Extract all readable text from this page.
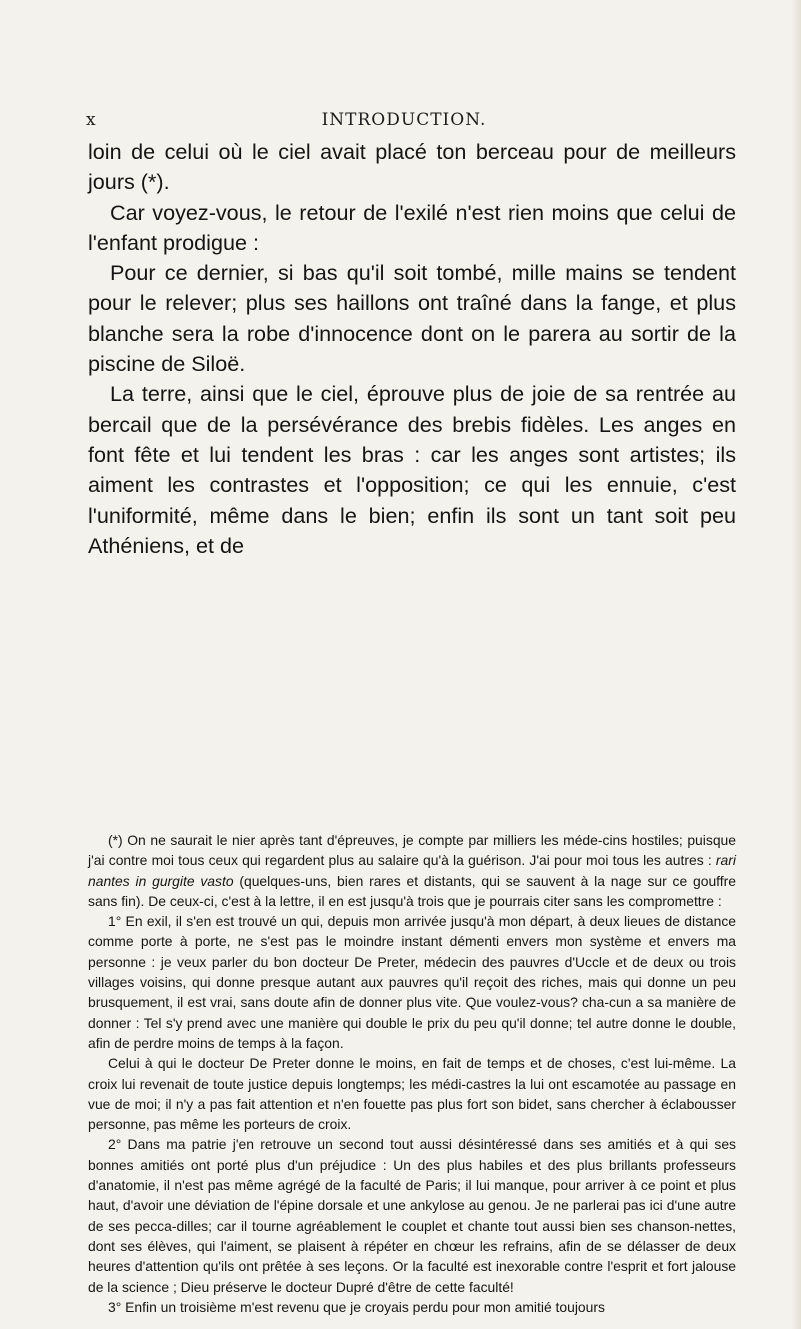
x	INTRODUCTION.

loin de celui où le ciel avait placé ton berceau pour de meilleurs jours (*).

Car voyez-vous, le retour de l'exilé n'est rien moins que celui de l'enfant prodigue :

Pour ce dernier, si bas qu'il soit tombé, mille mains se tendent pour le relever; plus ses haillons ont traîné dans la fange, et plus blanche sera la robe d'innocence dont on le parera au sortir de la piscine de Siloë.

La terre, ainsi que le ciel, éprouve plus de joie de sa rentrée au bercail que de la persévérance des brebis fidèles. Les anges en font fête et lui tendent les bras : car les anges sont artistes; ils aiment les contrastes et l'opposition; ce qui les ennuie, c'est l'uniformité, même dans le bien; enfin ils sont un tant soit peu Athéniens, et de

(*) On ne saurait le nier après tant d'épreuves, je compte par milliers les méde-cins hostiles; puisque j'ai contre moi tous ceux qui regardent plus au salaire qu'à la guérison. J'ai pour moi tous les autres : rari nantes in gurgite vasto (quelques-uns, bien rares et distants, qui se sauvent à la nage sur ce gouffre sans fin). De ceux-ci, c'est à la lettre, il en est jusqu'à trois que je pourrais citer sans les compromettre :

1° En exil, il s'en est trouvé un qui, depuis mon arrivée jusqu'à mon départ, à deux lieues de distance comme porte à porte, ne s'est pas le moindre instant démenti envers mon système et envers ma personne : je veux parler du bon docteur De Preter, médecin des pauvres d'Uccle et de deux ou trois villages voisins, qui donne presque autant aux pauvres qu'il reçoit des riches, mais qui donne un peu brusquement, il est vrai, sans doute afin de donner plus vite. Que voulez-vous? cha-cun a sa manière de donner : Tel s'y prend avec une manière qui double le prix du peu qu'il donne; tel autre donne le double, afin de perdre moins de temps à la façon.

Celui à qui le docteur De Preter donne le moins, en fait de temps et de choses, c'est lui-même. La croix lui revenait de toute justice depuis longtemps; les médi-castres la lui ont escamotée au passage en vue de moi; il n'y a pas fait attention et n'en fouette pas plus fort son bidet, sans chercher à éclabousser personne, pas même les porteurs de croix.

2° Dans ma patrie j'en retrouve un second tout aussi désintéressé dans ses amitiés et à qui ses bonnes amitiés ont porté plus d'un préjudice : Un des plus habiles et des plus brillants professeurs d'anatomie, il n'est pas même agrégé de la faculté de Paris; il lui manque, pour arriver à ce point et plus haut, d'avoir une déviation de l'épine dorsale et une ankylose au genou. Je ne parlerai pas ici d'une autre de ses pecca-dilles; car il tourne agréablement le couplet et chante tout aussi bien ses chanson-nettes, dont ses élèves, qui l'aiment, se plaisent à répéter en chœur les refrains, afin de se délasser de deux heures d'attention qu'ils ont prêtée à ses leçons. Or la faculté est inexorable contre l'esprit et fort jalouse de la science ; Dieu préserve le docteur Dupré d'être de cette faculté!

3° Enfin un troisième m'est revenu que je croyais perdu pour mon amitié toujours
